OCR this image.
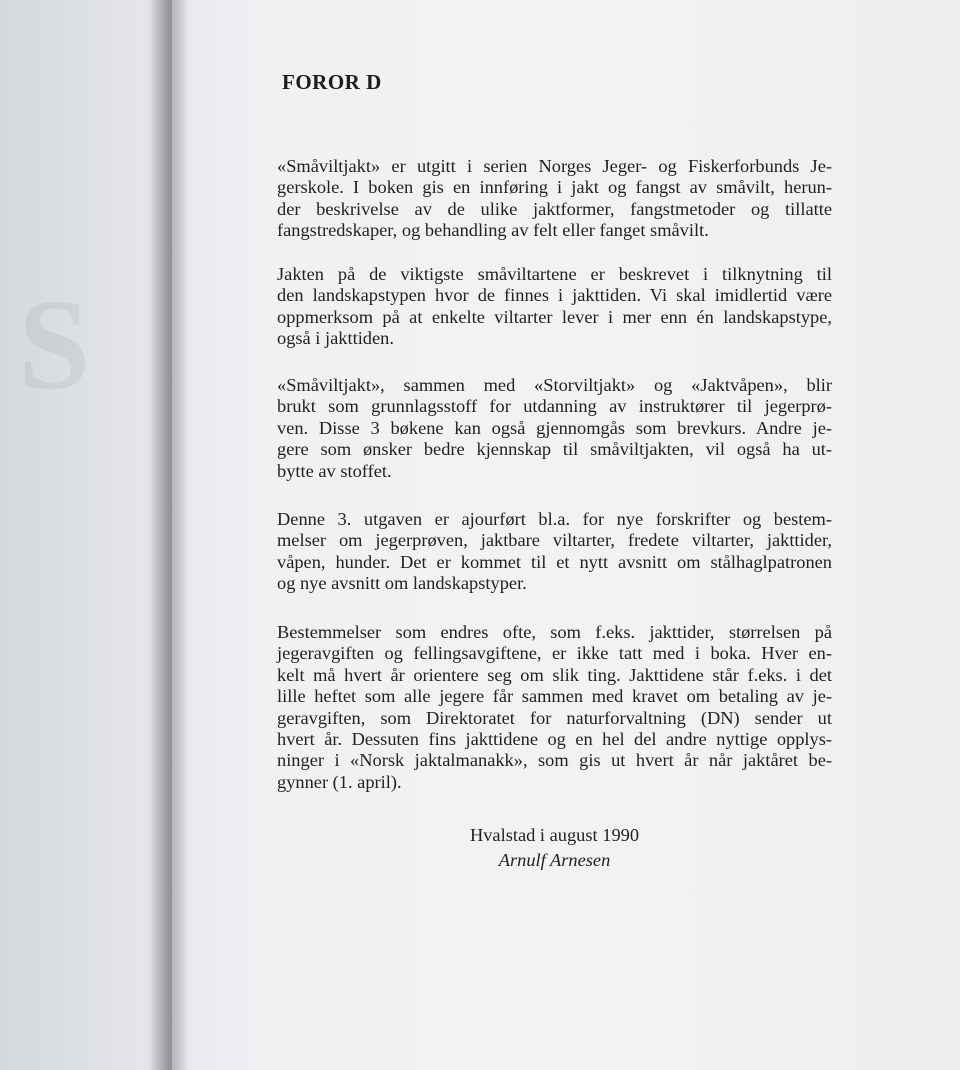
S
FOROR D

«Småviltjakt» er utgitt i serien Norges Jeger- og Fiskerforbunds Je-
gerskole. I boken gis en innføring i jakt og fangst av småvilt, herun-
der beskrivelse av de ulike jaktformer, fangstmetoder og tillatte
fangstredskaper, og behandling av felt eller fanget småvilt.

Jakten på de viktigste småviltartene er beskrevet i tilknytning til
den landskapstypen hvor de finnes i jakttiden. Vi skal imidlertid være
oppmerksom på at enkelte viltarter lever i mer enn én landskapstype,
også i jakttiden.

«Småviltjakt», sammen med «Storviltjakt» og «Jaktvåpen», blir
brukt som grunnlagsstoff for utdanning av instruktører til jegerprø-
ven. Disse 3 bøkene kan også gjennomgås som brevkurs. Andre je-
gere som ønsker bedre kjennskap til småviltjakten, vil også ha ut-
bytte av stoffet.

Denne 3. utgaven er ajourført bl.a. for nye forskrifter og bestem-
melser om jegerprøven, jaktbare viltarter, fredete viltarter, jakttider,
våpen, hunder. Det er kommet til et nytt avsnitt om stålhaglpatronen
og nye avsnitt om landskapstyper.

Bestemmelser som endres ofte, som f.eks. jakttider, størrelsen på
jegeravgiften og fellingsavgiftene, er ikke tatt med i boka. Hver en-
kelt må hvert år orientere seg om slik ting. Jakttidene står f.eks. i det
lille heftet som alle jegere får sammen med kravet om betaling av je-
geravgiften, som Direktoratet for naturforvaltning (DN) sender ut
hvert år. Dessuten fins jakttidene og en hel del andre nyttige opplys-
ninger i «Norsk jaktalmanakk», som gis ut hvert år når jaktåret be-
gynner (1. april).

Hvalstad i august 1990
Arnulf Arnesen
